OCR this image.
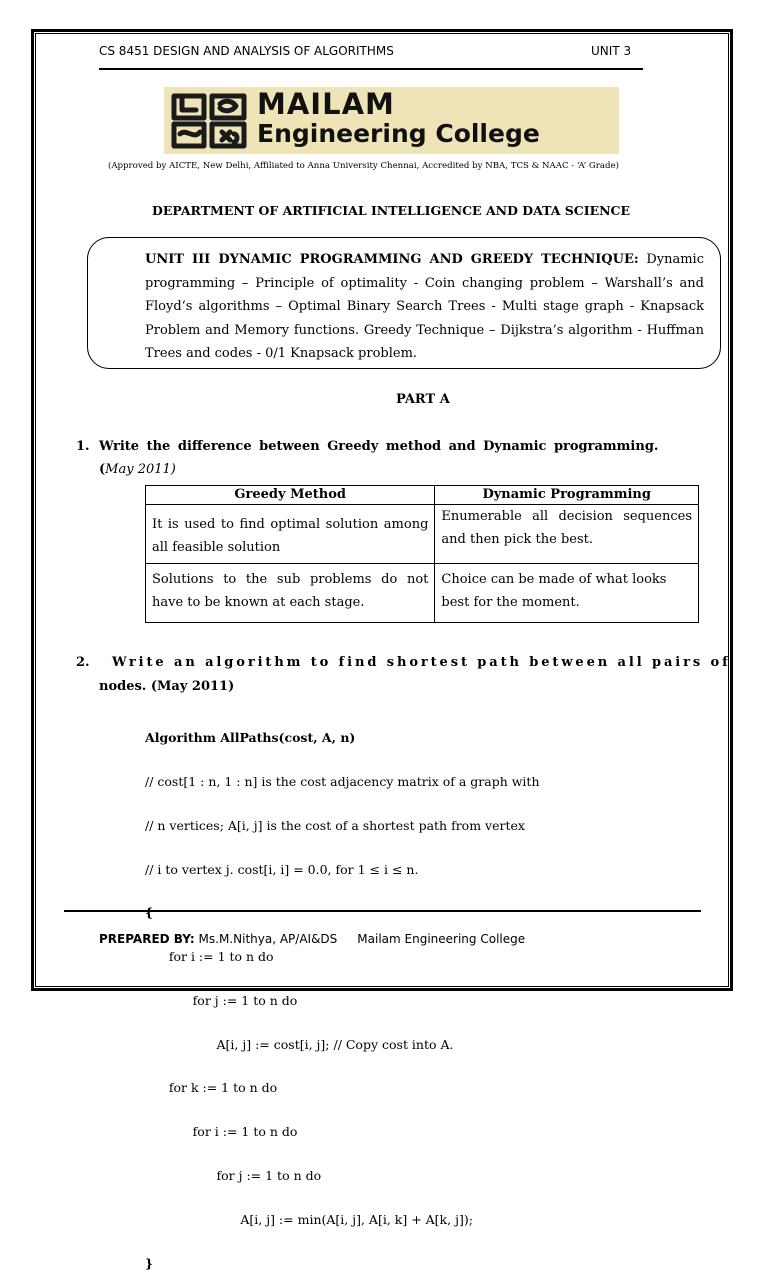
CS 8451 DESIGN AND ANALYSIS OF ALGORITHMS	UNIT 3
MAILAM
Engineering College
(Approved by AICTE, New Delhi, Affiliated to Anna University Chennai, Accredited by NBA, TCS & NAAC - ‘A’ Grade)
DEPARTMENT OF ARTIFICIAL INTELLIGENCE AND DATA SCIENCE
UNIT III DYNAMIC PROGRAMMING AND GREEDY TECHNIQUE: Dynamic programming – Principle of optimality - Coin changing problem – Warshall’s and Floyd‘s algorithms – Optimal Binary Search Trees - Multi stage graph - Knapsack Problem and Memory functions. Greedy Technique – Dijkstra’s algorithm - Huffman Trees and codes - 0/1 Knapsack problem.
PART A
1. Write the difference between Greedy method and Dynamic programming.
(May 2011)
Greedy Method	Dynamic Programming
It is used to find optimal solution among all feasible solution	Enumerable all decision sequences and then pick the best.
Solutions to the sub problems do not have to be known at each stage.	Choice can be made of what looks best for the moment.
2. Write an algorithm to find shortest path between all pairs of
nodes. (May 2011)

Algorithm AllPaths(cost, A, n)

// cost[1 : n, 1 : n] is the cost adjacency matrix of a graph with

// n vertices; A[i, j] is the cost of a shortest path from vertex

// i to vertex j. cost[i, i] = 0.0, for 1 ≤ i ≤ n.

{

for i := 1 to n do

for j := 1 to n do

A[i, j] := cost[i, j]; // Copy cost into A.

for k := 1 to n do

for i := 1 to n do

for j := 1 to n do

A[i, j] := min(A[i, j], A[i, k] + A[k, j]);

}

PREPARED BY: Ms.M.Nithya, AP/AI&DS Mailam Engineering College
